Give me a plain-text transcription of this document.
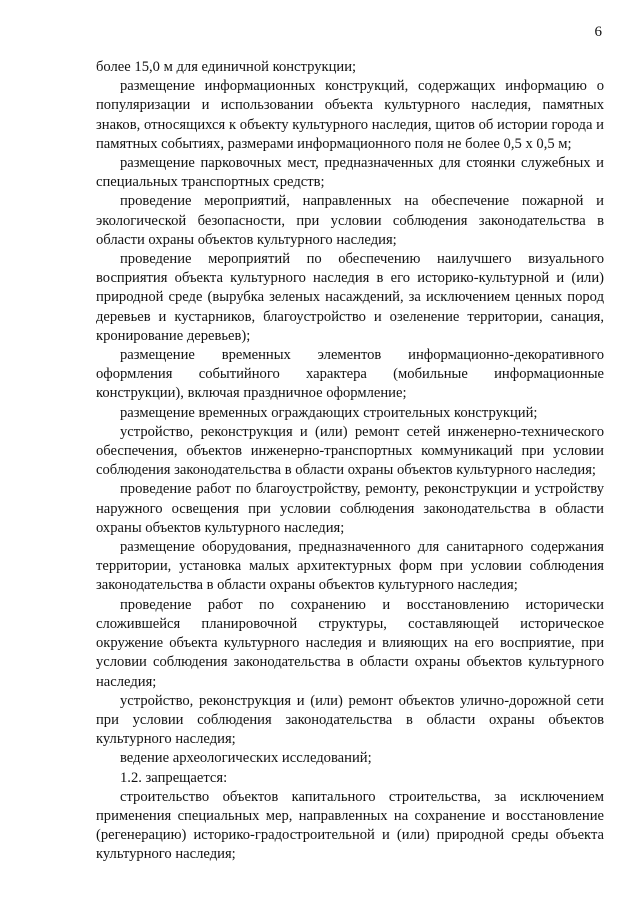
6

более 15,0 м для единичной конструкции;

размещение информационных конструкций, содержащих информацию о популяризации и использовании объекта культурного наследия, памятных знаков, относящихся к объекту культурного наследия, щитов об истории города и памятных событиях, размерами информационного поля не более 0,5 х 0,5 м;

размещение парковочных мест, предназначенных для стоянки служебных и специальных транспортных средств;

проведение мероприятий, направленных на обеспечение пожарной и экологической безопасности, при условии соблюдения законодательства в области охраны объектов культурного наследия;

проведение мероприятий по обеспечению наилучшего визуального восприятия объекта культурного наследия в его историко-культурной и (или) природной среде (вырубка зеленых насаждений, за исключением ценных пород деревьев и кустарников, благоустройство и озеленение территории, санация, кронирование деревьев);

размещение временных элементов информационно-декоративного оформления событийного характера (мобильные информационные конструкции), включая праздничное оформление;

размещение временных ограждающих строительных конструкций;

устройство, реконструкция и (или) ремонт сетей инженерно-технического обеспечения, объектов инженерно-транспортных коммуникаций при условии соблюдения законодательства в области охраны объектов культурного наследия;

проведение работ по благоустройству, ремонту, реконструкции и устройству наружного освещения при условии соблюдения законодательства в области охраны объектов культурного наследия;

размещение оборудования, предназначенного для санитарного содержания территории, установка малых архитектурных форм при условии соблюдения законодательства в области охраны объектов культурного наследия;

проведение работ по сохранению и восстановлению исторически сложившейся планировочной структуры, составляющей историческое окружение объекта культурного наследия и влияющих на его восприятие, при условии соблюдения законодательства в области охраны объектов культурного наследия;

устройство, реконструкция и (или) ремонт объектов улично-дорожной сети при условии соблюдения законодательства в области охраны объектов культурного наследия;

ведение археологических исследований;

1.2. запрещается:

строительство объектов капитального строительства, за исключением применения специальных мер, направленных на сохранение и восстановление (регенерацию) историко-градостроительной и (или) природной среды объекта культурного наследия;
